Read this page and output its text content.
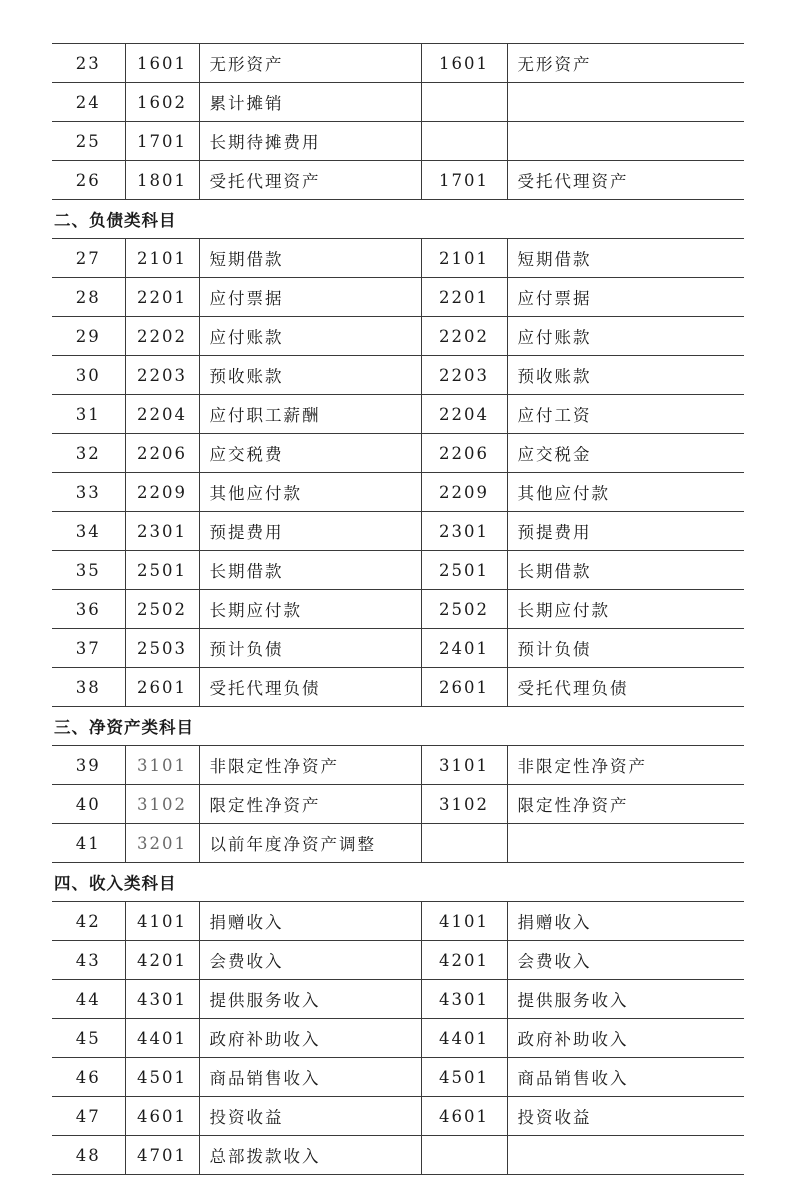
23	1601	无形资产	1601	无形资产
24	1602	累计摊销		
25	1701	长期待摊费用		
26	1801	受托代理资产	1701	受托代理资产
二、负债类科目				
27	2101	短期借款	2101	短期借款
28	2201	应付票据	2201	应付票据
29	2202	应付账款	2202	应付账款
30	2203	预收账款	2203	预收账款
31	2204	应付职工薪酬	2204	应付工资
32	2206	应交税费	2206	应交税金
33	2209	其他应付款	2209	其他应付款
34	2301	预提费用	2301	预提费用
35	2501	长期借款	2501	长期借款
36	2502	长期应付款	2502	长期应付款
37	2503	预计负债	2401	预计负债
38	2601	受托代理负债	2601	受托代理负债
三、净资产类科目				
39	3101	非限定性净资产	3101	非限定性净资产
40	3102	限定性净资产	3102	限定性净资产
41	3201	以前年度净资产调整		
四、收入类科目				
42	4101	捐赠收入	4101	捐赠收入
43	4201	会费收入	4201	会费收入
44	4301	提供服务收入	4301	提供服务收入
45	4401	政府补助收入	4401	政府补助收入
46	4501	商品销售收入	4501	商品销售收入
47	4601	投资收益	4601	投资收益
48	4701	总部拨款收入		
